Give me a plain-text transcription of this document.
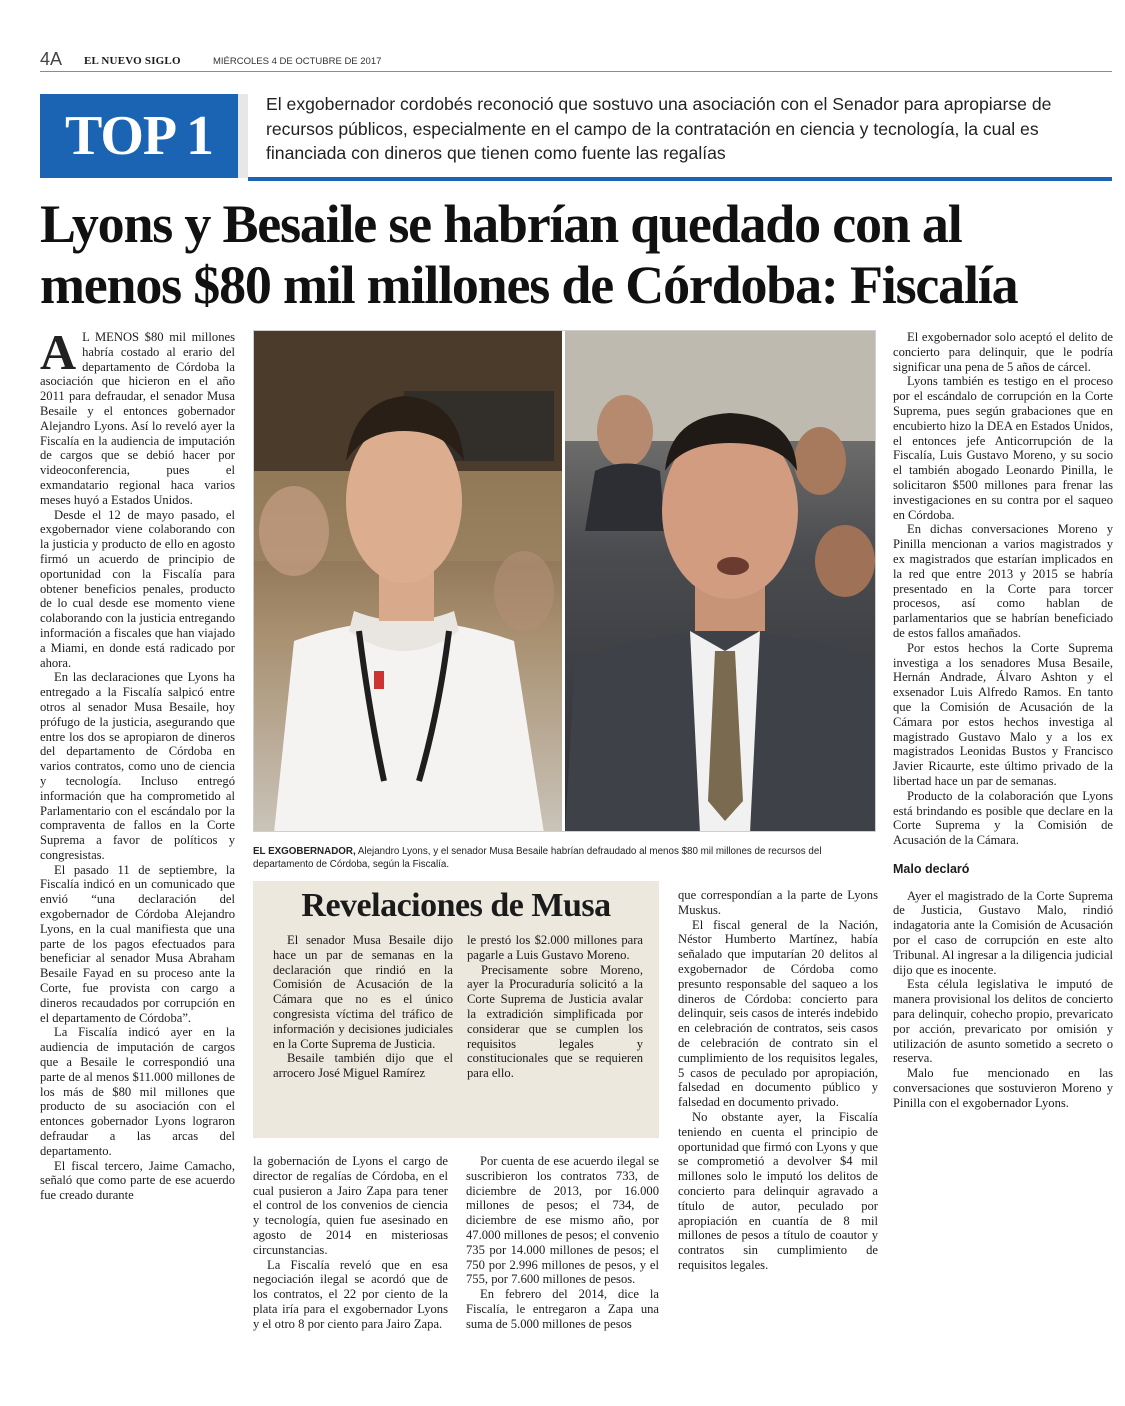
4A EL NUEVO SIGLO	MIÉRCOLES 4 DE OCTUBRE DE 2017
TOP 1
El exgobernador cordobés reconoció que sostuvo una asociación con el Senador para apropiarse de recursos públicos, especialmente en el campo de la contratación en ciencia y tecnología, la cual es financiada con dineros que tienen como fuente las regalías
Lyons y Besaile se habrían quedado con al menos $80 mil millones de Córdoba: Fiscalía

A L MENOS $80 mil millones habría costado al erario del departamento de Córdoba la asociación que hicieron en el año 2011 para defraudar, el senador Musa Besaile y el entonces gobernador Alejandro Lyons. Así lo reveló ayer la Fiscalía en la audiencia de imputación de cargos que se debió hacer por videoconferencia, pues el exmandatario regional haca varios meses huyó a Estados Unidos.

Desde el 12 de mayo pasado, el exgobernador viene colaborando con la justicia y producto de ello en agosto firmó un acuerdo de principio de oportunidad con la Fiscalía para obtener beneficios penales, producto de lo cual desde ese momento viene colaborando con la justicia entregando información a fiscales que han viajado a Miami, en donde está radicado por ahora.

En las declaraciones que Lyons ha entregado a la Fiscalía salpicó entre otros al senador Musa Besaile, hoy prófugo de la justicia, asegurando que entre los dos se apropiaron de dineros del departamento de Córdoba en varios contratos, como uno de ciencia y tecnología. Incluso entregó información que ha comprometido al Parlamentario con el escándalo por la compraventa de fallos en la Corte Suprema a favor de políticos y congresistas.

El pasado 11 de septiembre, la Fiscalía indicó en un comunicado que envió “una declaración del exgobernador de Córdoba Alejandro Lyons, en la cual manifiesta que una parte de los pagos efectuados para beneficiar al senador Musa Abraham Besaile Fayad en su proceso ante la Corte, fue provista con cargo a dineros recaudados por corrupción en el departamento de Córdoba”.

La Fiscalía indicó ayer en la audiencia de imputación de cargos que a Besaile le correspondió una parte de al menos $11.000 millones de los más de $80 mil millones que producto de su asociación con el entonces gobernador Lyons lograron defraudar a las arcas del departamento.

El fiscal tercero, Jaime Camacho, señaló que como parte de ese acuerdo fue creado durante

EL EXGOBERNADOR, Alejandro Lyons, y el senador Musa Besaile habrían defraudado al menos $80 mil millones de recursos del departamento de Córdoba, según la Fiscalía.
Revelaciones de Musa

El senador Musa Besaile dijo hace un par de semanas en la declaración que rindió en la Comisión de Acusación de la Cámara que no es el único congresista víctima del tráfico de información y decisiones judiciales en la Corte Suprema de Justicia.

Besaile también dijo que el arrocero José Miguel Ramírez

le prestó los $2.000 millones para pagarle a Luis Gustavo Moreno.

Precisamente sobre Moreno, ayer la Procuraduría solicitó a la Corte Suprema de Justicia avalar la extradición simplificada por considerar que se cumplen los requisitos legales y constitucionales que se requieren para ello.

la gobernación de Lyons el cargo de director de regalías de Córdoba, en el cual pusieron a Jairo Zapa para tener el control de los convenios de ciencia y tecnología, quien fue asesinado en agosto de 2014 en misteriosas circunstancias.

La Fiscalía reveló que en esa negociación ilegal se acordó que de los contratos, el 22 por ciento de la plata iría para el exgobernador Lyons y el otro 8 por ciento para Jairo Zapa.

Por cuenta de ese acuerdo ilegal se suscribieron los contratos 733, de diciembre de 2013, por 16.000 millones de pesos; el 734, de diciembre de ese mismo año, por 47.000 millones de pesos; el convenio 735 por 14.000 millones de pesos; el 750 por 2.996 millones de pesos, y el 755, por 7.600 millones de pesos.

En febrero del 2014, dice la Fiscalía, le entregaron a Zapa una suma de 5.000 millones de pesos

que correspondían a la parte de Lyons Muskus.

El fiscal general de la Nación, Néstor Humberto Martínez, había señalado que imputarían 20 delitos al exgobernador de Córdoba como presunto responsable del saqueo a los dineros de Córdoba: concierto para delinquir, seis casos de interés indebido en celebración de contratos, seis casos de celebración de contrato sin el cumplimiento de los requisitos legales, 5 casos de peculado por apropiación, falsedad en documento público y falsedad en documento privado.

No obstante ayer, la Fiscalía teniendo en cuenta el principio de oportunidad que firmó con Lyons y que se comprometió a devolver $4 mil millones solo le imputó los delitos de concierto para delinquir agravado a título de autor, peculado por apropiación en cuantía de 8 mil millones de pesos a título de coautor y contratos sin cumplimiento de requisitos legales.

El exgobernador solo aceptó el delito de concierto para delinquir, que le podría significar una pena de 5 años de cárcel.

Lyons también es testigo en el proceso por el escándalo de corrupción en la Corte Suprema, pues según grabaciones que en encubierto hizo la DEA en Estados Unidos, el entonces jefe Anticorrupción de la Fiscalía, Luis Gustavo Moreno, y su socio el también abogado Leonardo Pinilla, le solicitaron $500 millones para frenar las investigaciones en su contra por el saqueo en Córdoba.

En dichas conversaciones Moreno y Pinilla mencionan a varios magistrados y ex magistrados que estarían implicados en la red que entre 2013 y 2015 se habría presentado en la Corte para torcer procesos, así como hablan de parlamentarios que se habrían beneficiado de estos fallos amañados.

Por estos hechos la Corte Suprema investiga a los senadores Musa Besaile, Hernán Andrade, Álvaro Ashton y el exsenador Luis Alfredo Ramos. En tanto que la Comisión de Acusación de la Cámara por estos hechos investiga al magistrado Gustavo Malo y a los ex magistrados Leonidas Bustos y Francisco Javier Ricaurte, este último privado de la libertad hace un par de semanas.

Producto de la colaboración que Lyons está brindando es posible que declare en la Corte Suprema y la Comisión de Acusación de la Cámara.

Malo declaró

Ayer el magistrado de la Corte Suprema de Justicia, Gustavo Malo, rindió indagatoria ante la Comisión de Acusación por el caso de corrupción en este alto Tribunal. Al ingresar a la diligencia judicial dijo que es inocente.

Esta célula legislativa le imputó de manera provisional los delitos de concierto para delinquir, cohecho propio, prevaricato por acción, prevaricato por omisión y utilización de asunto sometido a secreto o reserva.

Malo fue mencionado en las conversaciones que sostuvieron Moreno y Pinilla con el exgobernador Lyons.
